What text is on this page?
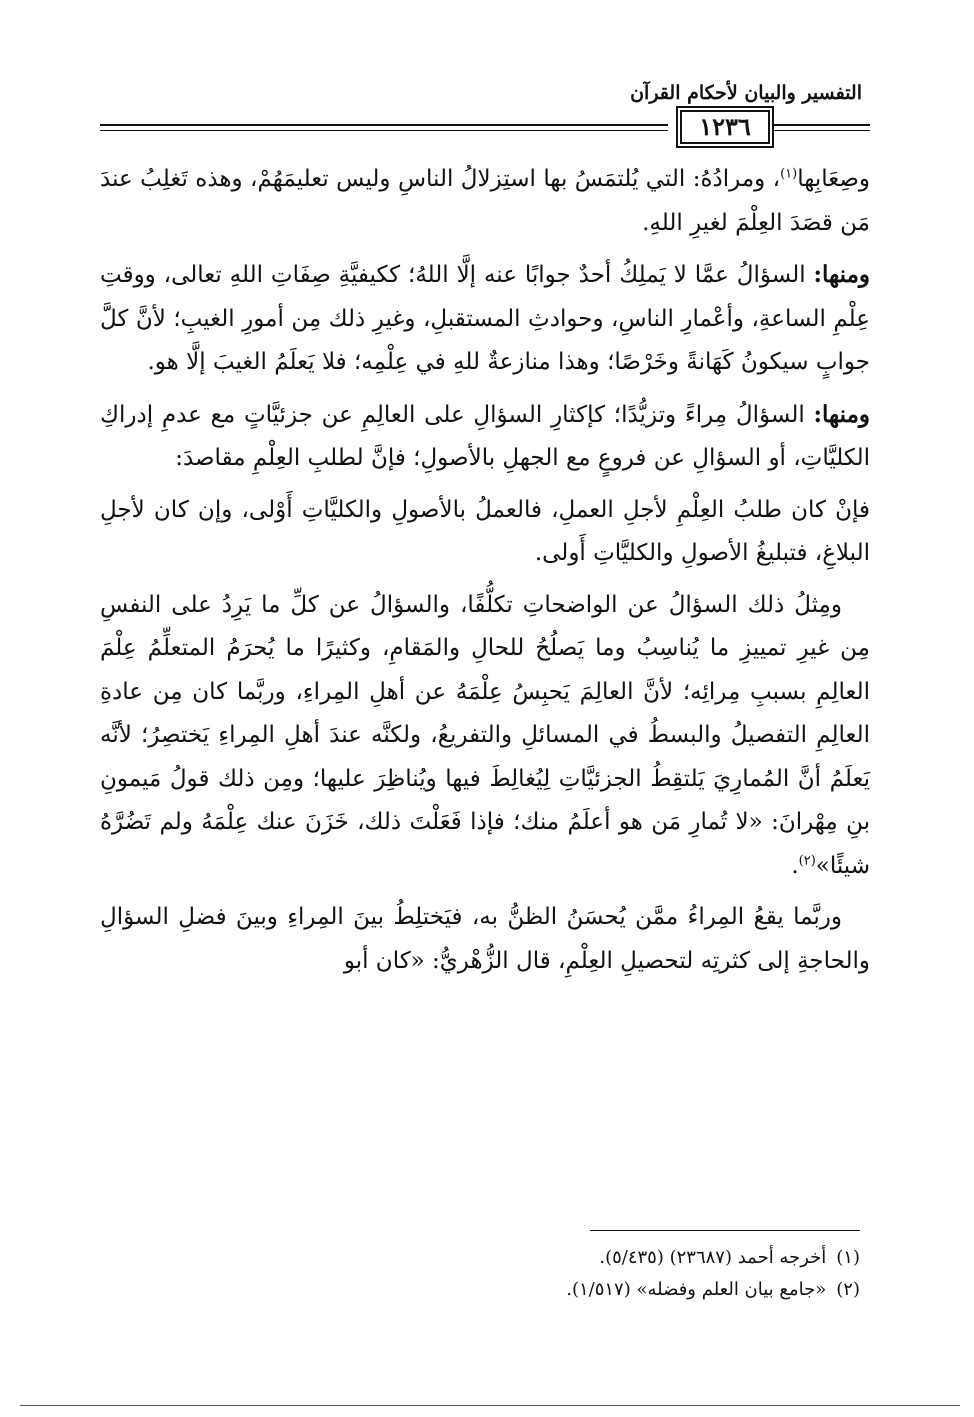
التفسير والبيان لأحكام القرآن
١٢٣٦

وصِعَابِها$^{(١)}$، ومرادُهُ: التي يُلتمَسُ بها استِزلالُ الناسِ وليس تعليمَهُمْ، وهذه تَغلِبُ عندَ مَن قصَدَ العِلْمَ لغيرِ اللهِ.

ومنها: السؤالُ عمَّا لا يَملِكُ أحدٌ جوابًا عنه إلَّا اللهُ؛ ككيفيَّةِ صِفَاتِ اللهِ تعالى، ووقتِ عِلْمِ الساعةِ، وأعْمارِ الناسِ، وحوادثِ المستقبلِ، وغيرِ ذلك مِن أمورِ الغيبِ؛ لأنَّ كلَّ جوابٍ سيكونُ كَهَانةً وخَرْصًا؛ وهذا منازعةٌ للهِ في عِلْمِه؛ فلا يَعلَمُ الغيبَ إلَّا هو.

ومنها: السؤالُ مِراءً وتزيُّدًا؛ كإكثارِ السؤالِ على العالِمِ عن جزئيَّاتٍ مع عدمِ إدراكِ الكليَّاتِ، أو السؤالِ عن فروعٍ مع الجهلِ بالأصولِ؛ فإنَّ لطلبِ العِلْمِ مقاصدَ:

فإنْ كان طلبُ العِلْمِ لأجلِ العملِ، فالعملُ بالأصولِ والكليَّاتِ أَوْلى، وإن كان لأجلِ البلاغِ، فتبليغُ الأصولِ والكليَّاتِ أَولى.

ومِثلُ ذلك السؤالُ عن الواضحاتِ تكلُّفًا، والسؤالُ عن كلِّ ما يَرِدُ على النفسِ مِن غيرِ تمييزِ ما يُناسِبُ وما يَصلُحُ للحالِ والمَقامِ، وكثيرًا ما يُحرَمُ المتعلِّمُ عِلْمَ العالِمِ بسببِ مِرائِه؛ لأنَّ العالِمَ يَحبِسُ عِلْمَهُ عن أهلِ المِراءِ، وربَّما كان مِن عادةِ العالِمِ التفصيلُ والبسطُ في المسائلِ والتفريعُ، ولكنَّه عندَ أهلِ المِراءِ يَختصِرُ؛ لأنَّه يَعلَمُ أنَّ المُمارِيَ يَلتقِطُ الجزئيَّاتِ لِيُغالِطَ فيها ويُناظِرَ عليها؛ ومِن ذلك قولُ مَيمونِ بنِ مِهْرانَ: «لا تُمارِ مَن هو أعلَمُ منك؛ فإذا فَعَلْتَ ذلك، خَزَنَ عنك عِلْمَهُ ولم تَضُرَّهُ شيئًا»$^{(٢)}$.

وربَّما يقعُ المِراءُ ممَّن يُحسَنُ الظنُّ به، فيَختلِطُ بينَ المِراءِ وبينَ فضلِ السؤالِ والحاجةِ إلى كثرتِه لتحصيلِ العِلْمِ، قال الزُّهْريُّ: «كان أبو

(١)أخرجه أحمد (٢٣٦٨٧) (٥/٤٣٥).

(٢)«جامع بيان العلم وفضله» (١/٥١٧).
